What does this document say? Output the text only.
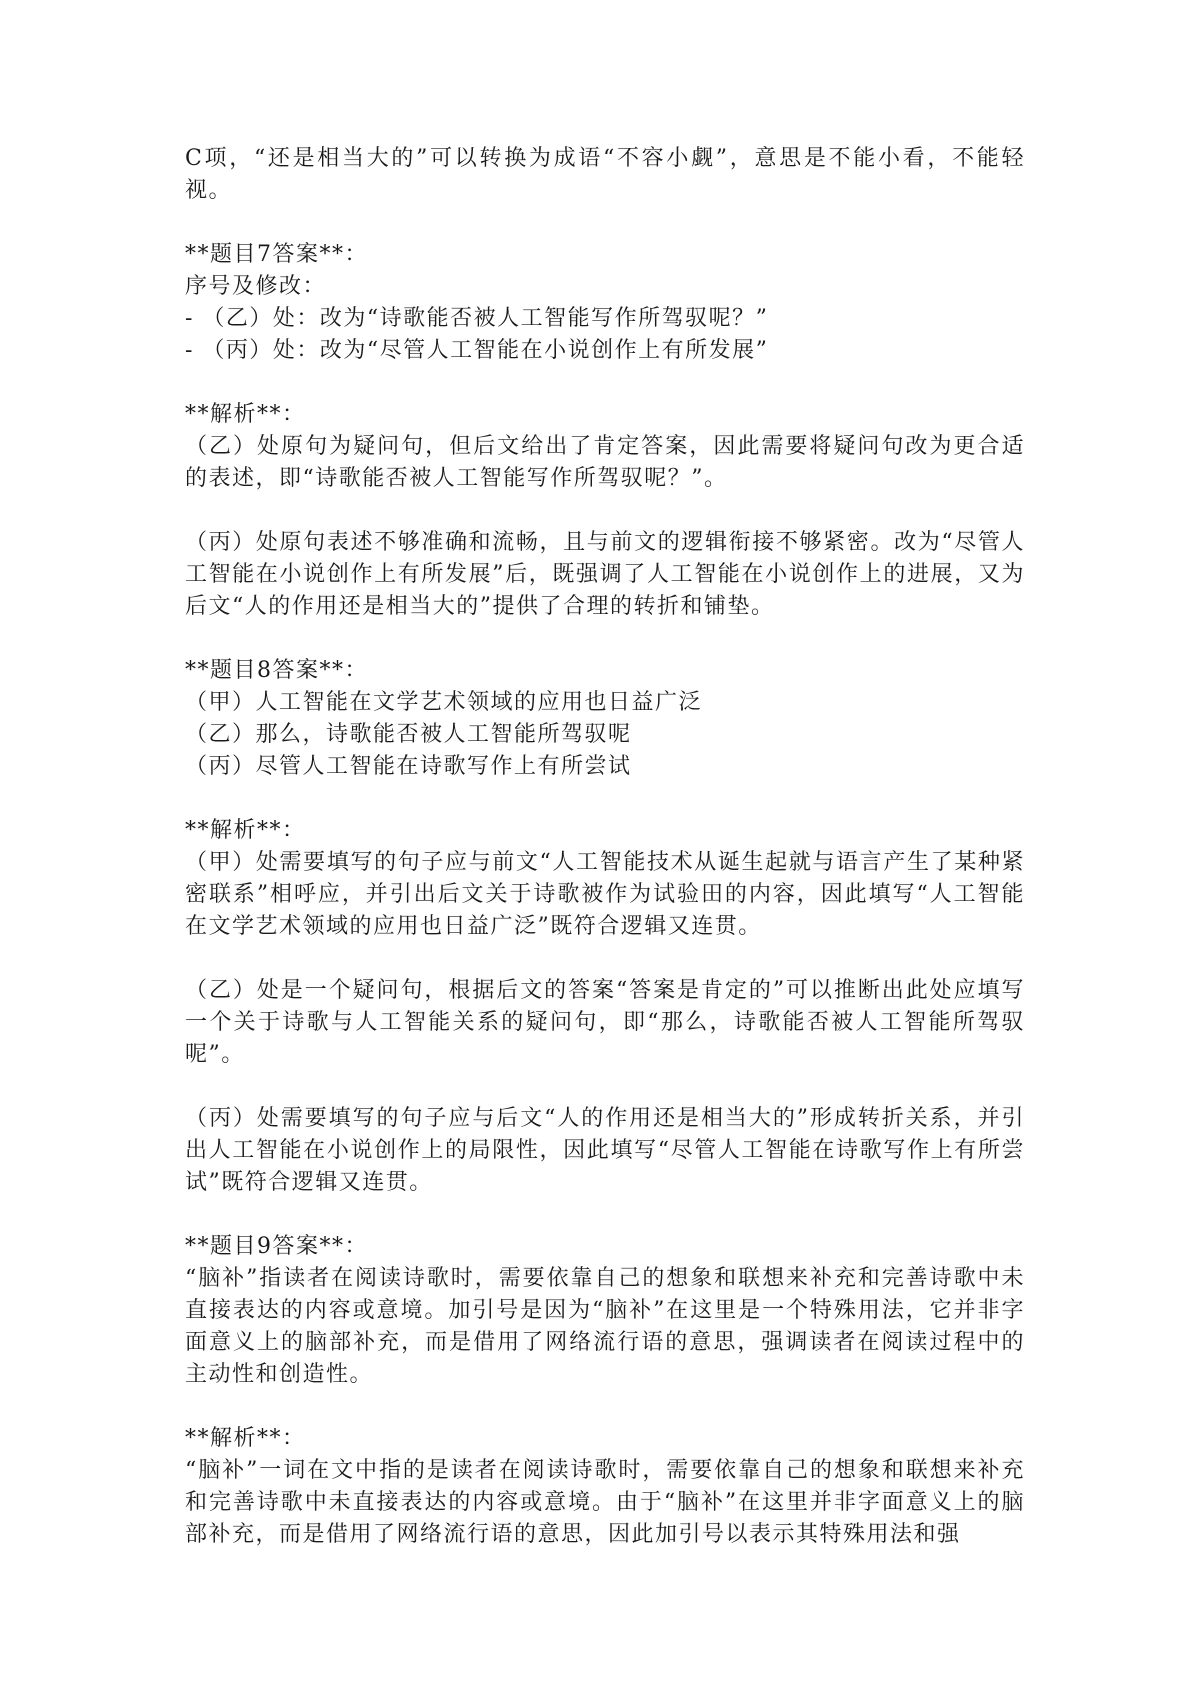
C项，“还是相当大的”可以转换为成语“不容小觑”，意思是不能小看，不能轻视。

**题目7答案**：

序号及修改：

- （乙）处：改为“诗歌能否被人工智能写作所驾驭呢？”

- （丙）处：改为“尽管人工智能在小说创作上有所发展”

**解析**：

（乙）处原句为疑问句，但后文给出了肯定答案，因此需要将疑问句改为更合适的表述，即“诗歌能否被人工智能写作所驾驭呢？”。

（丙）处原句表述不够准确和流畅，且与前文的逻辑衔接不够紧密。改为“尽管人工智能在小说创作上有所发展”后，既强调了人工智能在小说创作上的进展，又为后文“人的作用还是相当大的”提供了合理的转折和铺垫。

**题目8答案**：

（甲）人工智能在文学艺术领域的应用也日益广泛

（乙）那么，诗歌能否被人工智能所驾驭呢

（丙）尽管人工智能在诗歌写作上有所尝试

**解析**：

（甲）处需要填写的句子应与前文“人工智能技术从诞生起就与语言产生了某种紧密联系”相呼应，并引出后文关于诗歌被作为试验田的内容，因此填写“人工智能在文学艺术领域的应用也日益广泛”既符合逻辑又连贯。

（乙）处是一个疑问句，根据后文的答案“答案是肯定的”可以推断出此处应填写一个关于诗歌与人工智能关系的疑问句，即“那么，诗歌能否被人工智能所驾驭呢”。

（丙）处需要填写的句子应与后文“人的作用还是相当大的”形成转折关系，并引出人工智能在小说创作上的局限性，因此填写“尽管人工智能在诗歌写作上有所尝试”既符合逻辑又连贯。

**题目9答案**：

“脑补”指读者在阅读诗歌时，需要依靠自己的想象和联想来补充和完善诗歌中未直接表达的内容或意境。加引号是因为“脑补”在这里是一个特殊用法，它并非字面意义上的脑部补充，而是借用了网络流行语的意思，强调读者在阅读过程中的主动性和创造性。

**解析**：

“脑补”一词在文中指的是读者在阅读诗歌时，需要依靠自己的想象和联想来补充和完善诗歌中未直接表达的内容或意境。由于“脑补”在这里并非字面意义上的脑部补充，而是借用了网络流行语的意思，因此加引号以表示其特殊用法和强
